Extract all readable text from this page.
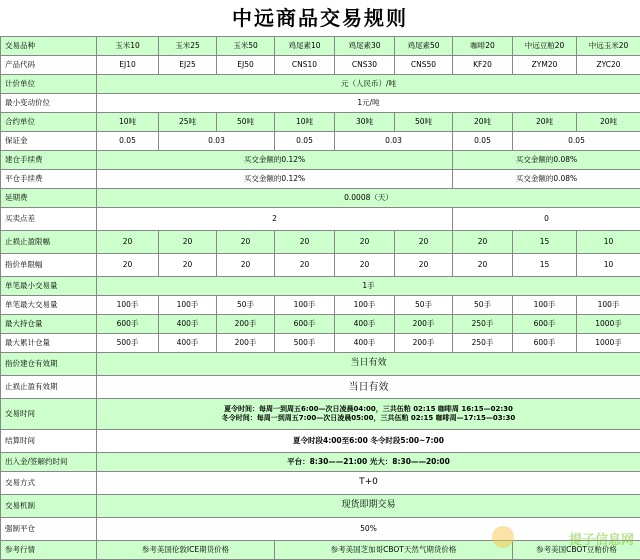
中远商品交易规则
交易品种	玉米10	玉米25	玉米50	鸡尾素10	鸡尾素30	鸡尾素50	咖啡20	中远豆粕20	中远玉米20
产品代码	EJ10	EJ25	EJ50	CNS10	CNS30	CNS50	KF20	ZYM20	ZYC20
计价单位	元（人民币）/吨								
最小变动价位	1元/吨								
合约单位	10吨	25吨	50吨	10吨	30吨	50吨	20吨	20吨	20吨
保证金	0.05	0.03		0.05	0.03		0.05	0.05	
建仓手续费	买交金额的0.12%						买交金额的0.08%		
平仓手续费	买交金额的0.12%						买交金额的0.08%		
延期费	0.0008（天）								
买卖点差	2						0		
止损止盈限幅	20	20	20	20	20	20	20	15	10
指价单限幅	20	20	20	20	20	20	20	15	10
单笔最小交易量	1手								
单笔最大交易量	100手	100手	50手	100手	100手	50手	50手	100手	100手
最大持仓量	600手	400手	200手	600手	400手	200手	250手	600手	1000手
最大累计仓量	500手	400手	200手	500手	400手	200手	250手	600手	1000手
指价建仓有效期	当日有效								
止损止盈有效期	当日有效								
交易时间	夏令时间：每周一到周五6:00—次日凌晨04:00，三共伍粕 02:15 咖啡周 16:15—02:30
冬令时间：每周一到周五7:00—次日凌晨05:00，三共伍粕 02:15 咖啡周—17:15—03:30								

结算时间	夏令时段4:00至6:00 冬令时段5:00~7:00								
出入金/签解约时间	平台：8:30——21:00 光大：8:30——20:00								
交易方式	T+0								
交易机制	现货即期交易								
强制平仓	50%								
参考行情	参考美国伦敦ICE期货价格			参考美国芝加哥CBOT天然气期货价格				参考美国CBOT豆粕价格	
提子信息网
